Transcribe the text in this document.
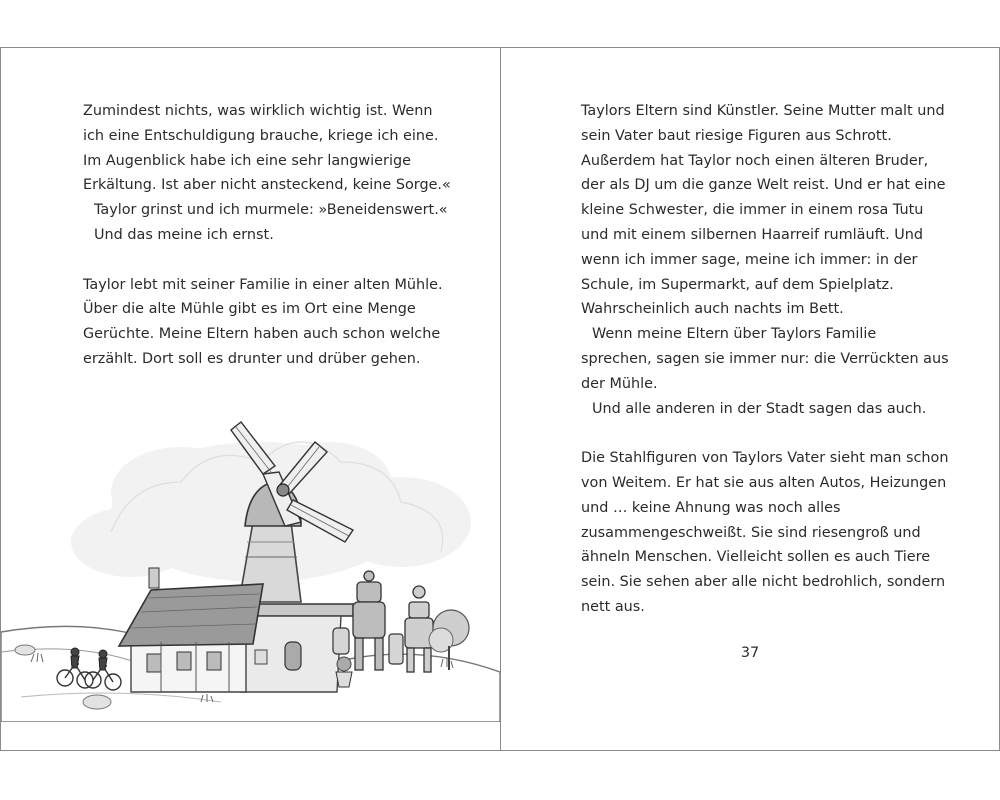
Zumindest nichts, was wirklich wichtig ist. Wenn
ich eine Entschuldigung brauche, kriege ich eine.
Im Augenblick habe ich eine sehr langwierige
Erkältung. Ist aber nicht ansteckend, keine Sorge.«
Taylor grinst und ich murmele: »Beneidenswert.«
Und das meine ich ernst.
Taylor lebt mit seiner Familie in einer alten Mühle.
Über die alte Mühle gibt es im Ort eine Menge
Gerüchte. Meine Eltern haben auch schon welche
erzählt. Dort soll es drunter und drüber gehen.
Taylors Eltern sind Künstler. Seine Mutter malt und
sein Vater baut riesige Figuren aus Schrott.
Außerdem hat Taylor noch einen älteren Bruder,
der als DJ um die ganze Welt reist. Und er hat eine
kleine Schwester, die immer in einem rosa Tutu
und mit einem silbernen Haarreif rumläuft. Und
wenn ich immer sage, meine ich immer: in der
Schule, im Supermarkt, auf dem Spielplatz.
Wahrscheinlich auch nachts im Bett.
Wenn meine Eltern über Taylors Familie
sprechen, sagen sie immer nur: die Verrückten aus
der Mühle.
Und alle anderen in der Stadt sagen das auch.
Die Stahlfiguren von Taylors Vater sieht man schon
von Weitem. Er hat sie aus alten Autos, Heizungen
und … keine Ahnung was noch alles
zusammengeschweißt. Sie sind riesengroß und
ähneln Menschen. Vielleicht sollen es auch Tiere
sein. Sie sehen aber alle nicht bedrohlich, sondern
nett aus.
37
